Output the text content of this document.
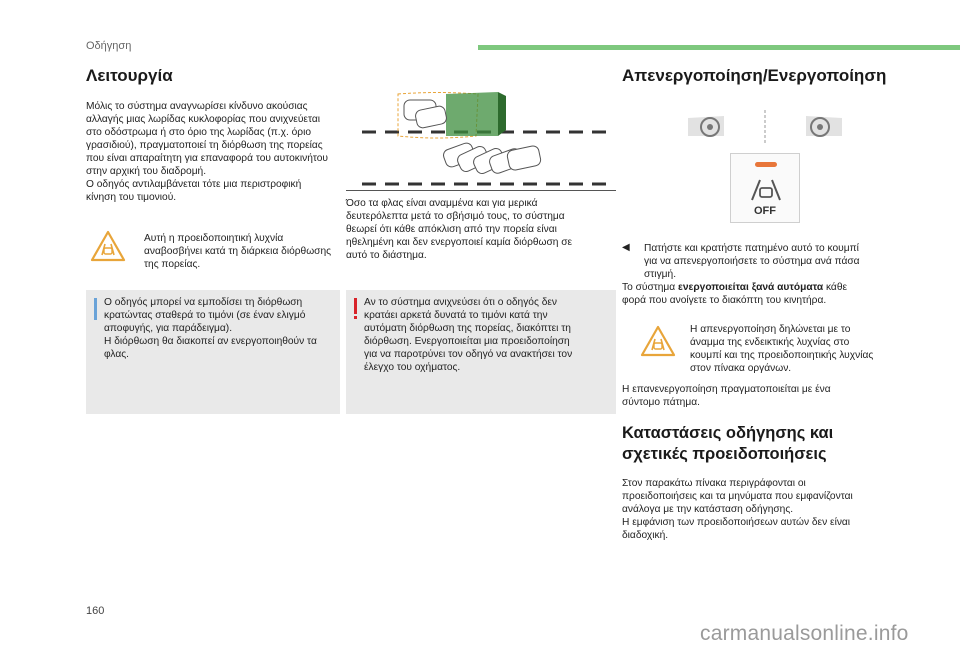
Οδήγηση
Λειτουργία

Μόλις το σύστημα αναγνωρίσει κίνδυνο ακούσιας
αλλαγής μιας λωρίδας κυκλοφορίας που ανιχνεύεται
στο οδόστρωμα ή στο όριο της λωρίδας (π.χ. όριο
γρασιδιού), πραγματοποιεί τη διόρθωση της πορείας
που είναι απαραίτητη για επαναφορά του αυτοκινήτου
στην αρχική του διαδρομή.
Ο οδηγός αντιλαμβάνεται τότε μια περιστροφική
κίνηση του τιμονιού.

Αυτή η προειδοποιητική λυχνία
αναβοσβήνει κατά τη διάρκεια διόρθωσης
της πορείας.

Ο οδηγός μπορεί να εμποδίσει τη διόρθωση
κρατώντας σταθερά το τιμόνι (σε έναν ελιγμό
αποφυγής, για παράδειγμα).
Η διόρθωση θα διακοπεί αν ενεργοποιηθούν τα
φλας.

Όσο τα φλας είναι αναμμένα και για μερικά
δευτερόλεπτα μετά το σβήσιμό τους, το σύστημα
θεωρεί ότι κάθε απόκλιση από την πορεία είναι
ηθελημένη και δεν ενεργοποιεί καμία διόρθωση σε
αυτό το διάστημα.

Αν το σύστημα ανιχνεύσει ότι ο οδηγός δεν
κρατάει αρκετά δυνατά το τιμόνι κατά την
αυτόματη διόρθωση της πορείας, διακόπτει τη
διόρθωση. Ενεργοποιείται μια προειδοποίηση
για να παροτρύνει τον οδηγό να ανακτήσει τον
έλεγχο του οχήματος.

Απενεργοποίηση/Ενεργοποίηση
OFF
◀	Πατήστε και κρατήστε πατημένο αυτό το κουμπί
για να απενεργοποιήσετε το σύστημα ανά πάσα
στιγμή.

Το σύστημα ενεργοποιείται ξανά αυτόματα κάθε
φορά που ανοίγετε το διακόπτη του κινητήρα.

Η απενεργοποίηση δηλώνεται με το
άναμμα της ενδεικτικής λυχνίας στο
κουμπί και της προειδοποιητικής λυχνίας
στον πίνακα οργάνων.

Η επανενεργοποίηση πραγματοποιείται με ένα
σύντομο πάτημα.

Καταστάσεις οδήγησης και
σχετικές προειδοποιήσεις

Στον παρακάτω πίνακα περιγράφονται οι
προειδοποιήσεις και τα μηνύματα που εμφανίζονται
ανάλογα με την κατάσταση οδήγησης.
Η εμφάνιση των προειδοποιήσεων αυτών δεν είναι
διαδοχική.

160
carmanualsonline.info
